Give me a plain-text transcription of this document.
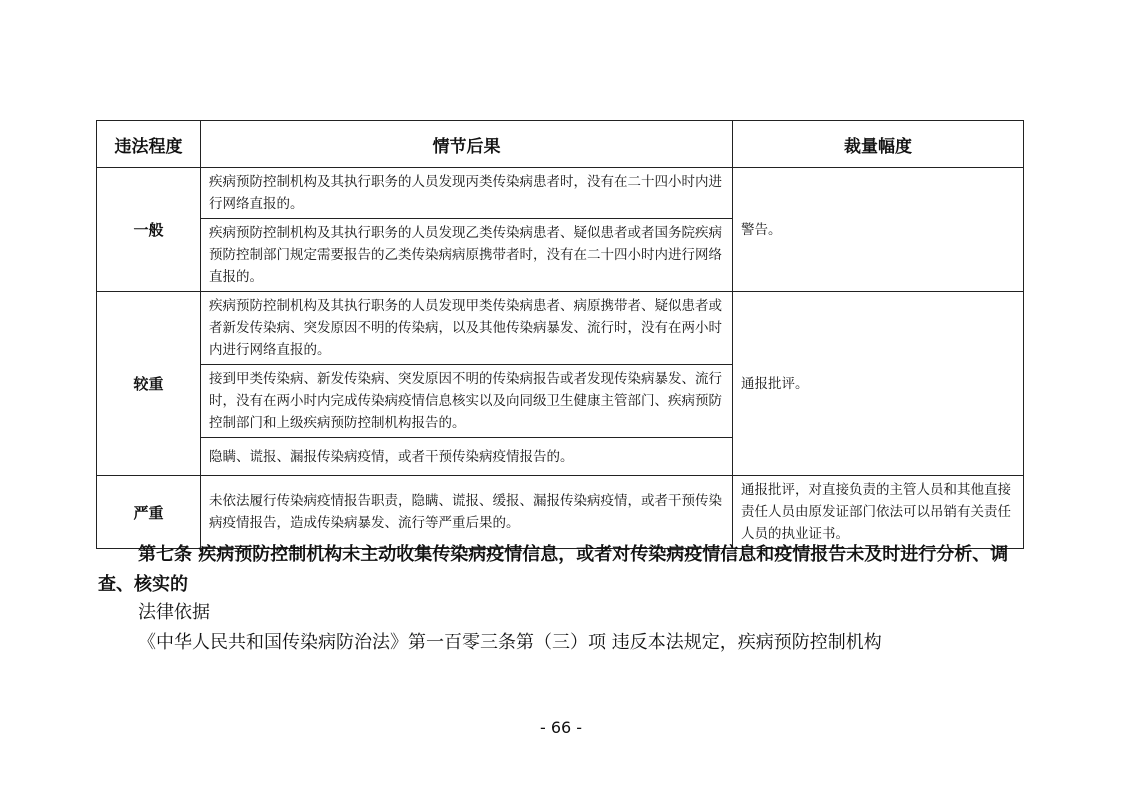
违法程度	情节后果	裁量幅度
一般	疾病预防控制机构及其执行职务的人员发现丙类传染病患者时，没有在二十四小时内进行网络直报的。	警告。
	疾病预防控制机构及其执行职务的人员发现乙类传染病患者、疑似患者或者国务院疾病预防控制部门规定需要报告的乙类传染病病原携带者时，没有在二十四小时内进行网络直报的。	
较重	疾病预防控制机构及其执行职务的人员发现甲类传染病患者、病原携带者、疑似患者或者新发传染病、突发原因不明的传染病，以及其他传染病暴发、流行时，没有在两小时内进行网络直报的。	通报批评。
	接到甲类传染病、新发传染病、突发原因不明的传染病报告或者发现传染病暴发、流行时，没有在两小时内完成传染病疫情信息核实以及向同级卫生健康主管部门、疾病预防控制部门和上级疾病预防控制机构报告的。	
	隐瞒、谎报、漏报传染病疫情，或者干预传染病疫情报告的。	
严重	未依法履行传染病疫情报告职责，隐瞒、谎报、缓报、漏报传染病疫情，或者干预传染病疫情报告，造成传染病暴发、流行等严重后果的。	通报批评，对直接负责的主管人员和其他直接责任人员由原发证部门依法可以吊销有关责任人员的执业证书。

第七条 疾病预防控制机构未主动收集传染病疫情信息，或者对传染病疫情信息和疫情报告未及时进行分析、调查、核实的

法律依据

《中华人民共和国传染病防治法》第一百零三条第（三）项 违反本法规定，疾病预防控制机构

- 66 -
